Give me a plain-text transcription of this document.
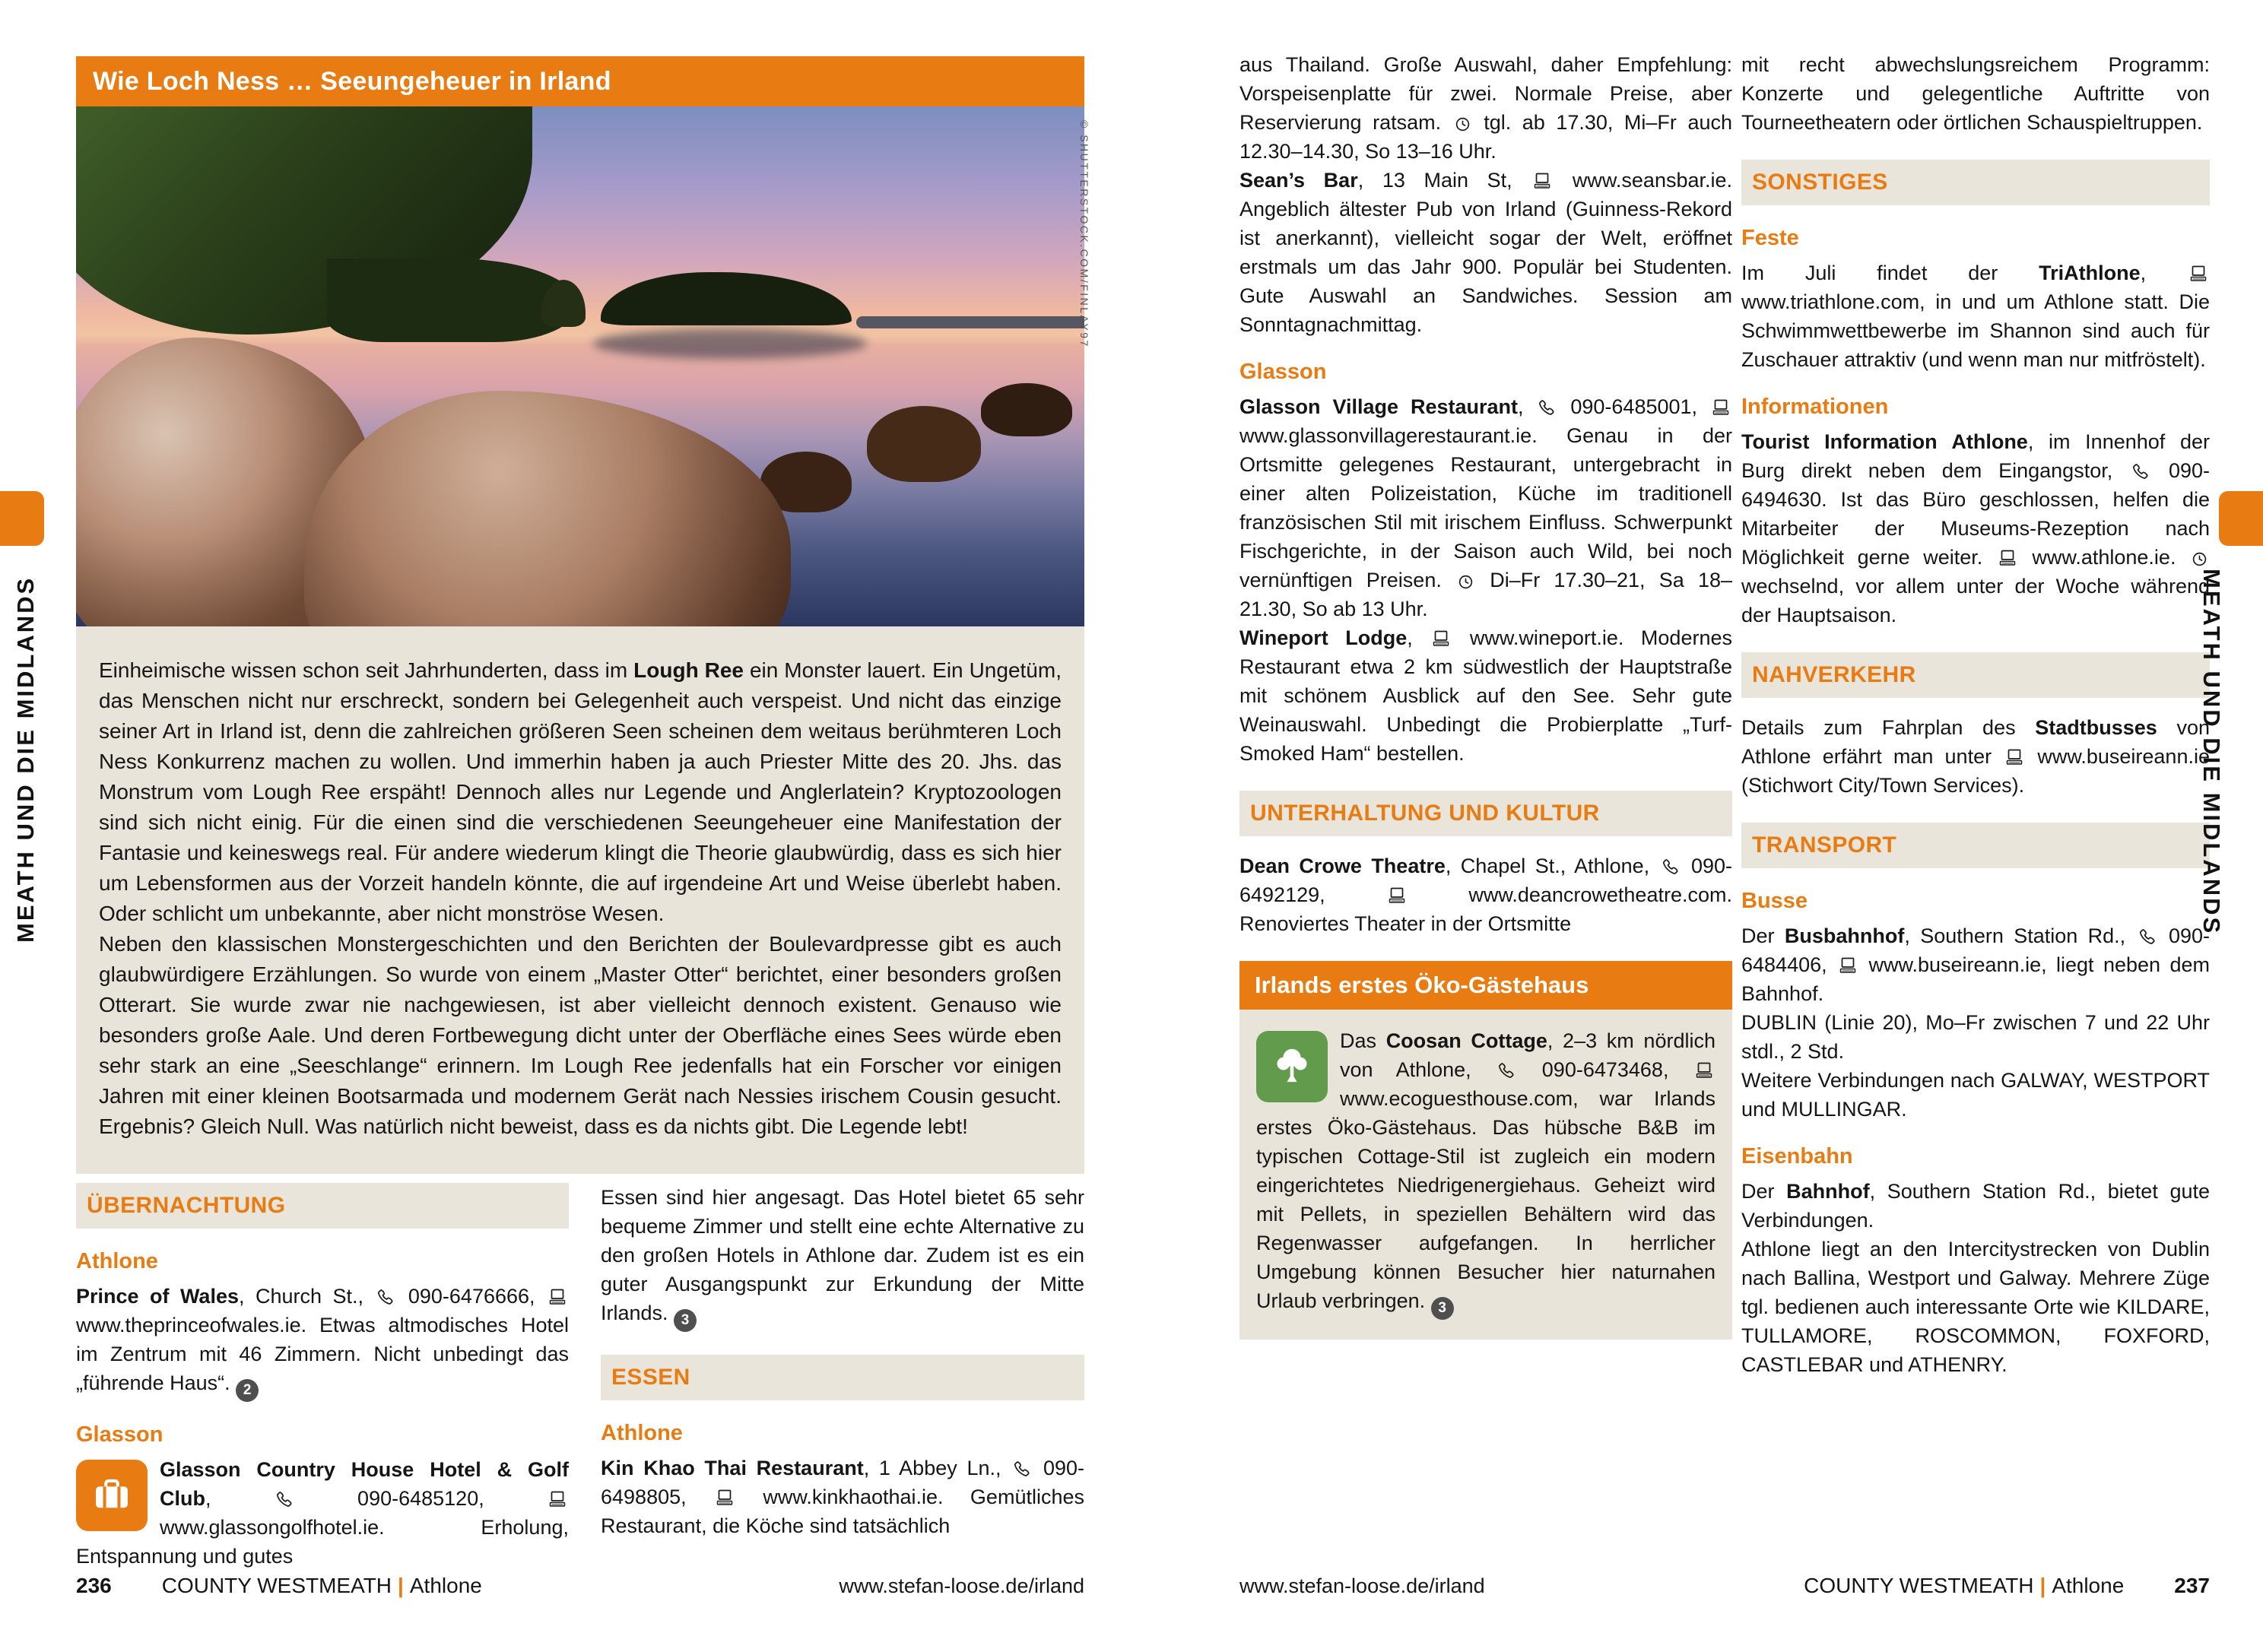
MEATH UND DIE MIDLANDS
Wie Loch Ness … Seeungeheuer in Irland

Einheimische wissen schon seit Jahrhunderten, dass im Lough Ree ein Monster lauert. Ein Ungetüm, das Menschen nicht nur erschreckt, sondern bei Gelegenheit auch verspeist. Und nicht das einzige seiner Art in Irland ist, denn die zahlreichen größeren Seen scheinen dem weitaus berühmteren Loch Ness Konkurrenz machen zu wollen. Und immerhin haben ja auch Priester Mitte des 20. Jhs. das Monstrum vom Lough Ree erspäht! Dennoch alles nur Legende und Anglerlatein? Kryptozoologen sind sich nicht einig. Für die einen sind die verschiedenen Seeungeheuer eine Manifestation der Fantasie und keineswegs real. Für andere wiederum klingt die Theorie glaubwürdig, dass es sich hier um Lebensformen aus der Vorzeit handeln könnte, die auf irgendeine Art und Weise überlebt haben. Oder schlicht um unbekannte, aber nicht monströse Wesen.

Neben den klassischen Monstergeschichten und den Berichten der Boulevardpresse gibt es auch glaubwürdigere Erzählungen. So wurde von einem „Master Otter“ berichtet, einer besonders großen Otterart. Sie wurde zwar nie nachgewiesen, ist aber vielleicht dennoch existent. Genauso wie besonders große Aale. Und deren Fortbewegung dicht unter der Oberfläche eines Sees würde eben sehr stark an eine „Seeschlange“ erinnern. Im Lough Ree jedenfalls hat ein Forscher vor einigen Jahren mit einer kleinen Bootsarmada und modernem Gerät nach Nessies irischem Cousin gesucht. Ergebnis? Gleich Null. Was natürlich nicht beweist, dass es da nichts gibt. Die Legende lebt!

© SHUTTERSTOCK.COM/FINLAY97
ÜBERNACHTUNG
Athlone

Prince of Wales, Church St.,
090-6476666,
www.theprinceofwales.ie. Etwas altmodisches Hotel im Zentrum mit 46 Zimmern. Nicht unbedingt das „führende Haus“. 2

Glasson

Glasson Country House Hotel & Golf Club,
090-6485120,
www.glassongolfhotel.ie. Erholung, Entspannung und gutes

Essen sind hier angesagt. Das Hotel bietet 65 sehr bequeme Zimmer und stellt eine echte Alternative zu den großen Hotels in Athlone dar. Zudem ist es ein guter Ausgangspunkt zur Erkundung der Mitte Irlands. 3

ESSEN
Athlone

Kin Khao Thai Restaurant, 1 Abbey Ln.,
090-6498805,
www.kinkhaothai.ie. Gemütliches Restaurant, die Köche sind tatsächlich

aus Thailand. Große Auswahl, daher Empfehlung: Vorspeisenplatte für zwei. Normale Preise, aber Reservierung ratsam.
tgl. ab 17.30, Mi–Fr auch 12.30–14.30, So 13–16 Uhr.

Sean’s Bar, 13 Main St,
www.seansbar.ie. Angeblich ältester Pub von Irland (Guinness-Rekord ist anerkannt), vielleicht sogar der Welt, eröffnet erstmals um das Jahr 900. Populär bei Studenten. Gute Auswahl an Sandwiches. Session am Sonntagnachmittag.

Glasson

Glasson Village Restaurant,
090-6485001,
www.glassonvillagerestaurant.ie. Genau in der Ortsmitte gelegenes Restaurant, untergebracht in einer alten Polizeistation, Küche im traditionell französischen Stil mit irischem Einfluss. Schwerpunkt Fischgerichte, in der Saison auch Wild, bei noch vernünftigen Preisen.
Di–Fr 17.30–21, Sa 18–21.30, So ab 13 Uhr.

Wineport Lodge,
www.wineport.ie. Modernes Restaurant etwa 2 km südwestlich der Hauptstraße mit schönem Ausblick auf den See. Sehr gute Weinauswahl. Unbedingt die Probierplatte „Turf-Smoked Ham“ bestellen.

UNTERHALTUNG UND KULTUR

Dean Crowe Theatre, Chapel St., Athlone,
090-6492129,
www.deancrowetheatre.com. Renoviertes Theater in der Ortsmitte

Irlands erstes Öko-Gästehaus

Das Coosan Cottage, 2–3 km nördlich von Athlone,
090-6473468,
www.ecoguesthouse.com, war Irlands erstes Öko-Gästehaus. Das hübsche B&B im typischen Cottage-Stil ist zugleich ein modern eingerichtetes Niedrigenergiehaus. Geheizt wird mit Pellets, in speziellen Behältern wird das Regenwasser aufgefangen. In herrlicher Umgebung können Besucher hier naturnahen Urlaub verbringen. 3

mit recht abwechslungsreichem Programm: Konzerte und gelegentliche Auftritte von Tourneetheatern oder örtlichen Schauspieltruppen.

SONSTIGES
Feste

Im Juli findet der TriAthlone,
www.triathlone.com, in und um Athlone statt. Die Schwimmwettbewerbe im Shannon sind auch für Zuschauer attraktiv (und wenn man nur mitfröstelt).

Informationen

Tourist Information Athlone, im Innenhof der Burg direkt neben dem Eingangstor,
090-6494630. Ist das Büro geschlossen, helfen die Mitarbeiter der Museums-Rezeption nach Möglichkeit gerne weiter.
www.athlone.ie.
wechselnd, vor allem unter der Woche während der Hauptsaison.

NAHVERKEHR

Details zum Fahrplan des Stadtbusses von Athlone erfährt man unter
www.buseireann.ie (Stichwort City/Town Services).

TRANSPORT
Busse

Der Busbahnhof, Southern Station Rd.,
090-6484406,
www.buseireann.ie, liegt neben dem Bahnhof.

DUBLIN (Linie 20), Mo–Fr zwischen 7 und 22 Uhr stdl., 2 Std.

Weitere Verbindungen nach GALWAY, WESTPORT und MULLINGAR.

Eisenbahn

Der Bahnhof, Southern Station Rd., bietet gute Verbindungen.

Athlone liegt an den Intercitystrecken von Dublin nach Ballina, Westport und Galway. Mehrere Züge tgl. bedienen auch interessante Orte wie KILDARE, TULLAMORE, ROSCOMMON, FOXFORD, CASTLEBAR und ATHENRY.

236 COUNTY WESTMEATH | Athlone	www.stefan-loose.de/irland	www.stefan-loose.de/irland	COUNTY WESTMEATH | Athlone 237
MEATH UND DIE MIDLANDS
